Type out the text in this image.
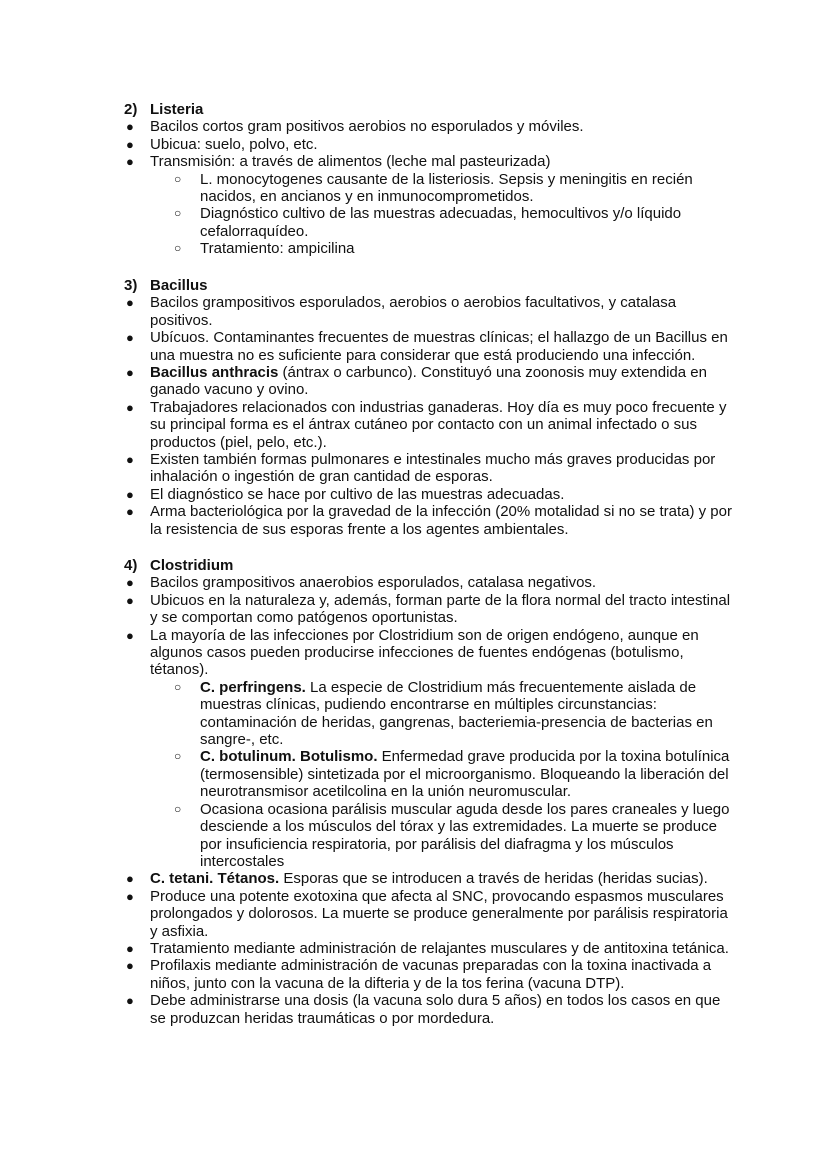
2) Listeria
● Bacilos cortos gram positivos aerobios no esporulados y móviles.
● Ubicua: suelo, polvo, etc.
● Transmisión: a través de alimentos (leche mal pasteurizada)
○ L. monocytogenes causante de la listeriosis. Sepsis y meningitis en recién nacidos, en ancianos y en inmunocomprometidos.
○ Diagnóstico cultivo de las muestras adecuadas, hemocultivos y/o líquido cefalorraquídeo.
○ Tratamiento: ampicilina
3) Bacillus
● Bacilos grampositivos esporulados, aerobios o aerobios facultativos, y catalasa positivos.
● Ubícuos. Contaminantes frecuentes de muestras clínicas; el hallazgo de un Bacillus en una muestra no es suficiente para considerar que está produciendo una infección.
● Bacillus anthracis (ántrax o carbunco). Constituyó una zoonosis muy extendida en ganado vacuno y ovino.
● Trabajadores relacionados con industrias ganaderas. Hoy día es muy poco frecuente y su principal forma es el ántrax cutáneo por contacto con un animal infectado o sus productos (piel, pelo, etc.).
● Existen también formas pulmonares e intestinales mucho más graves producidas por inhalación o ingestión de gran cantidad de esporas.
● El diagnóstico se hace por cultivo de las muestras adecuadas.
● Arma bacteriológica por la gravedad de la infección (20% motalidad si no se trata) y por la resistencia de sus esporas frente a los agentes ambientales.
4) Clostridium
● Bacilos grampositivos anaerobios esporulados, catalasa negativos.
● Ubicuos en la naturaleza y, además, forman parte de la flora normal del tracto intestinal y se comportan como patógenos oportunistas.
● La mayoría de las infecciones por Clostridium son de origen endógeno, aunque en algunos casos pueden producirse infecciones de fuentes endógenas (botulismo, tétanos).
○ C. perfringens. La especie de Clostridium más frecuentemente aislada de muestras clínicas, pudiendo encontrarse en múltiples circunstancias: contaminación de heridas, gangrenas, bacteriemia-presencia de bacterias en sangre-, etc.
○ C. botulinum. Botulismo. Enfermedad grave producida por la toxina botulínica (termosensible) sintetizada por el microorganismo. Bloqueando la liberación del neurotransmisor acetilcolina en la unión neuromuscular.
○ Ocasiona ocasiona parálisis muscular aguda desde los pares craneales y luego desciende a los músculos del tórax y las extremidades. La muerte se produce por insuficiencia respiratoria, por parálisis del diafragma y los músculos intercostales
● C. tetani. Tétanos. Esporas que se introducen a través de heridas (heridas sucias).
● Produce una potente exotoxina que afecta al SNC, provocando espasmos musculares prolongados y dolorosos. La muerte se produce generalmente por parálisis respiratoria y asfixia.
● Tratamiento mediante administración de relajantes musculares y de antitoxina tetánica.
● Profilaxis mediante administración de vacunas preparadas con la toxina inactivada a niños, junto con la vacuna de la difteria y de la tos ferina (vacuna DTP).
● Debe administrarse una dosis (la vacuna solo dura 5 años) en todos los casos en que se produzcan heridas traumáticas o por mordedura.
